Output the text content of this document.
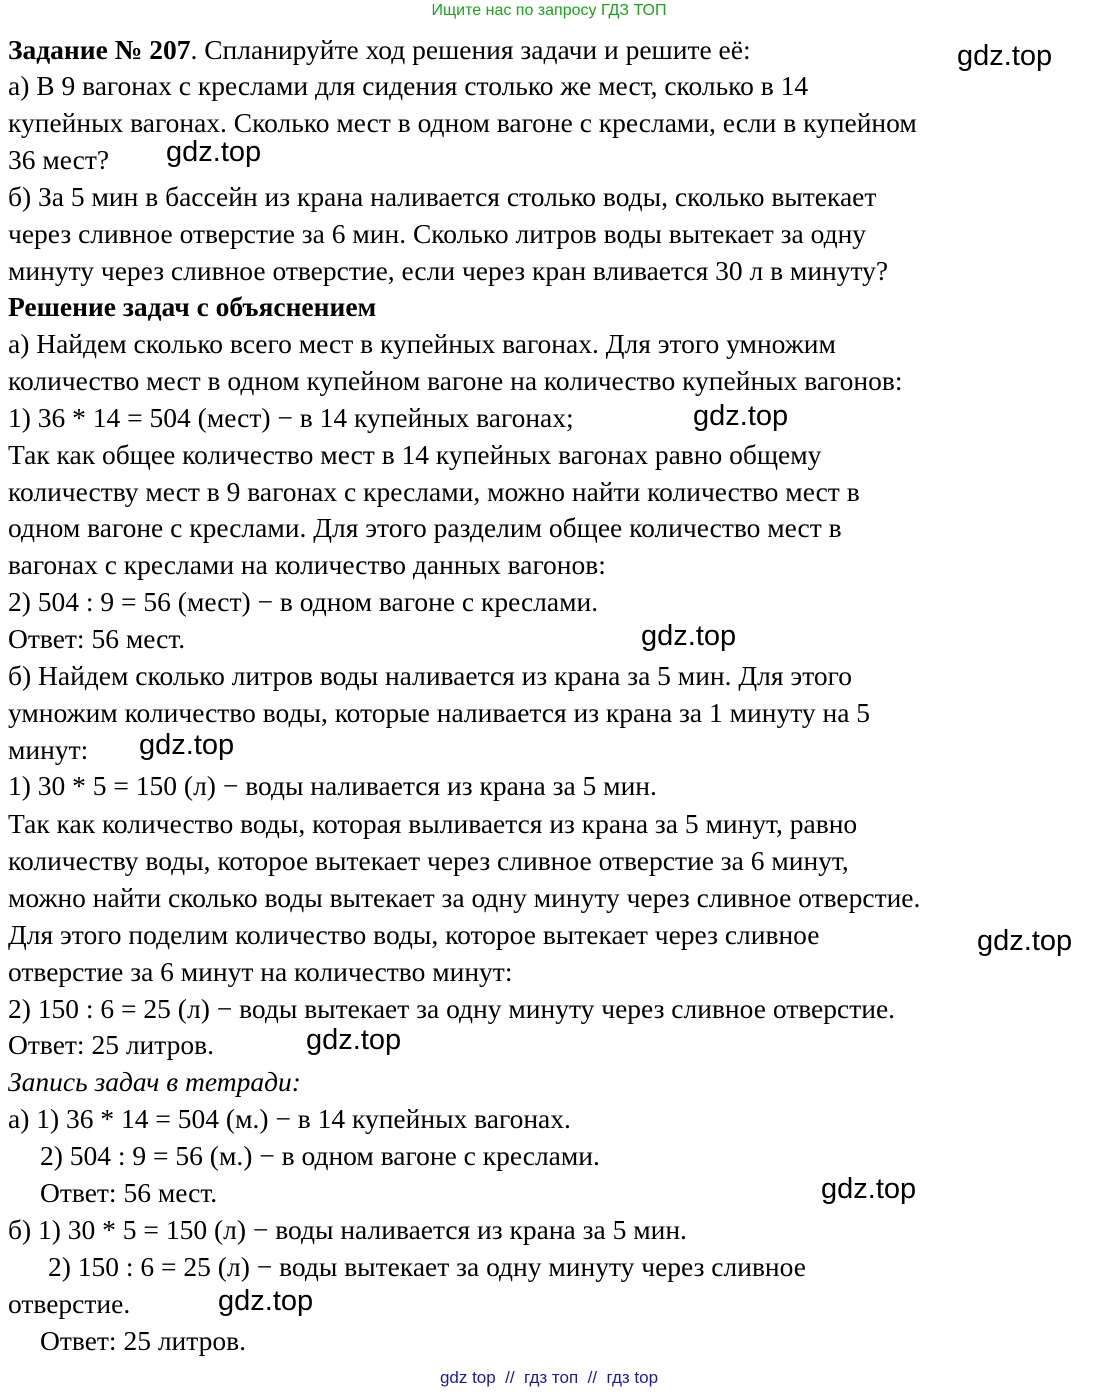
Ищите нас по запросу ГДЗ ТОП
Задание № 207. Спланируйте ход решения задачи и решите её:
а) В 9 вагонах с креслами для сидения столько же мест, сколько в 14
купейных вагонах. Сколько мест в одном вагоне с креслами, если в купейном
36 мест?
б) За 5 мин в бассейн из крана наливается столько воды, сколько вытекает
через сливное отверстие за 6 мин. Сколько литров воды вытекает за одну
минуту через сливное отверстие, если через кран вливается 30 л в минуту?
Решение задач с объяснением
а) Найдем сколько всего мест в купейных вагонах. Для этого умножим
количество мест в одном купейном вагоне на количество купейных вагонов:
1) 36 * 14 = 504 (мест) − в 14 купейных вагонах;
Так как общее количество мест в 14 купейных вагонах равно общему
количеству мест в 9 вагонах с креслами, можно найти количество мест в
одном вагоне с креслами. Для этого разделим общее количество мест в
вагонах с креслами на количество данных вагонов:
2) 504 : 9 = 56 (мест) − в одном вагоне с креслами.
Ответ: 56 мест.
б) Найдем сколько литров воды наливается из крана за 5 мин. Для этого
умножим количество воды, которые наливается из крана за 1 минуту на 5
минут:
1) 30 * 5 = 150 (л) − воды наливается из крана за 5 мин.
Так как количество воды, которая выливается из крана за 5 минут, равно
количеству воды, которое вытекает через сливное отверстие за 6 минут,
можно найти сколько воды вытекает за одну минуту через сливное отверстие.
Для этого поделим количество воды, которое вытекает через сливное
отверстие за 6 минут на количество минут:
2) 150 : 6 = 25 (л) − воды вытекает за одну минуту через сливное отверстие.
Ответ: 25 литров.
Запись задач в тетради:
а) 1) 36 * 14 = 504 (м.) − в 14 купейных вагонах.
2) 504 : 9 = 56 (м.) − в одном вагоне с креслами.
Ответ: 56 мест.
б) 1) 30 * 5 = 150 (л) − воды наливается из крана за 5 мин.
2) 150 : 6 = 25 (л) − воды вытекает за одну минуту через сливное
отверстие.
Ответ: 25 литров.
gdz.top
gdz.top
gdz.top
gdz.top
gdz.top
gdz.top
gdz.top
gdz.top
gdz.top
gdz top  //  гдз топ  //  гдз top
